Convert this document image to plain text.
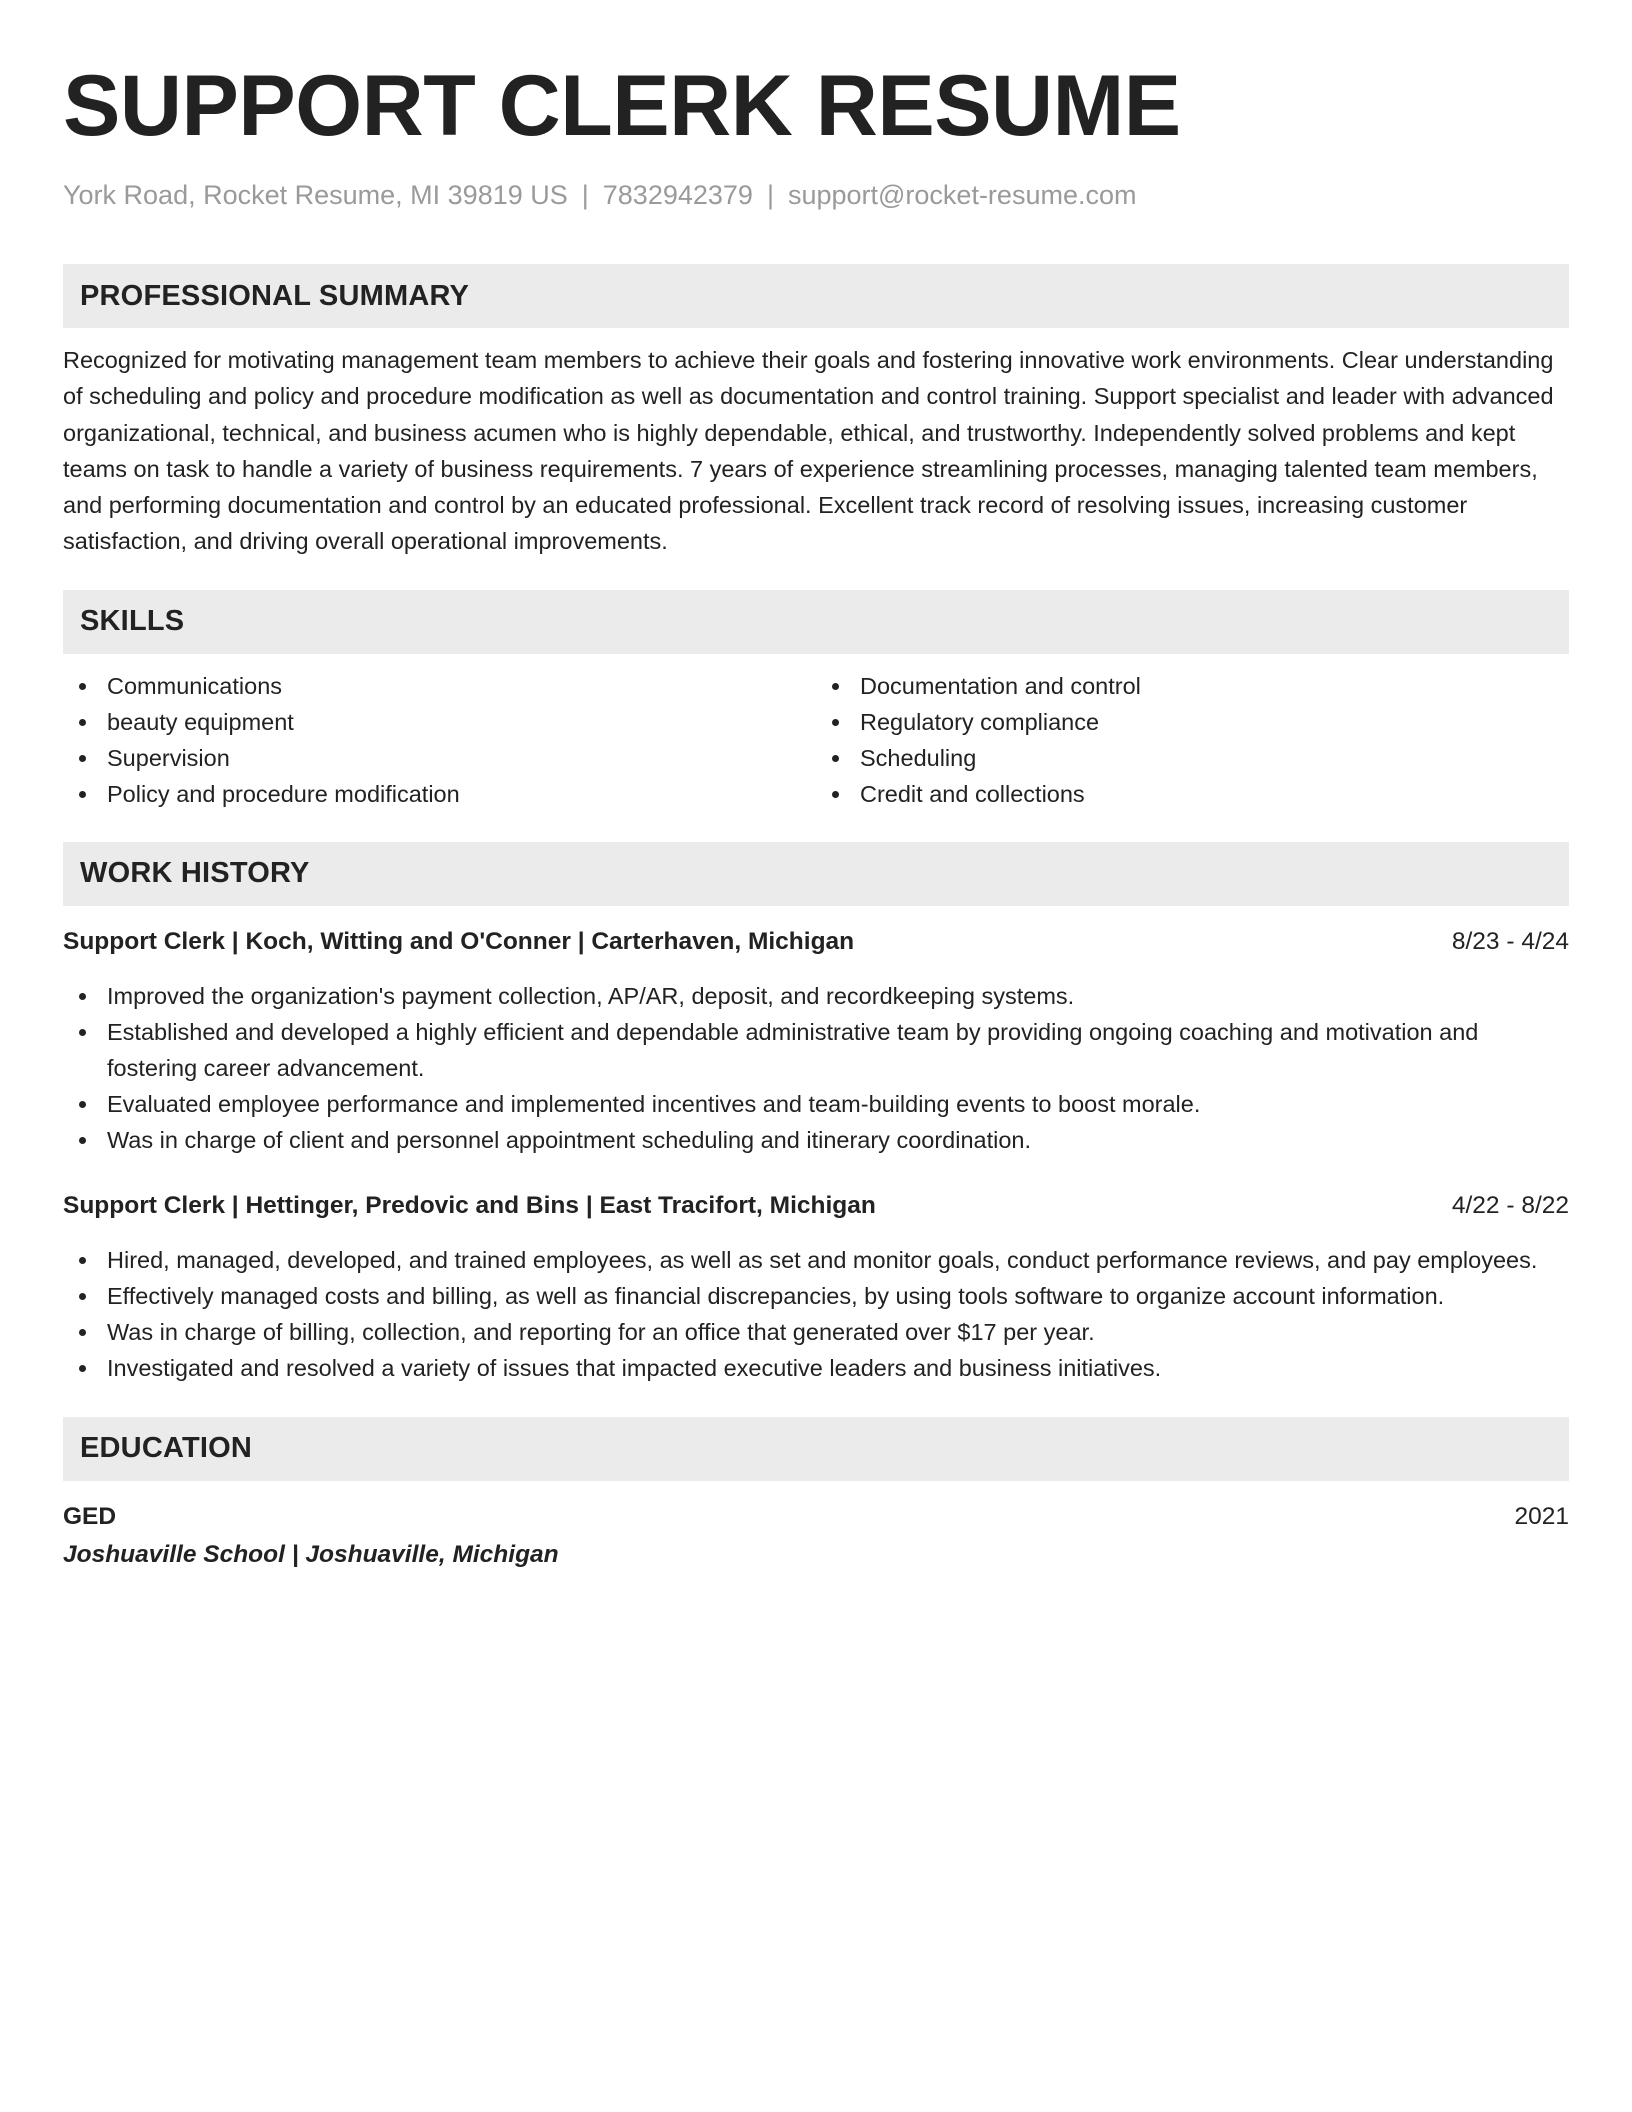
SUPPORT CLERK RESUME
York Road, Rocket Resume, MI 39819 US | 7832942379 | support@rocket-resume.com
PROFESSIONAL SUMMARY

Recognized for motivating management team members to achieve their goals and fostering innovative work environments. Clear understanding of scheduling and policy and procedure modification as well as documentation and control training. Support specialist and leader with advanced organizational, technical, and business acumen who is highly dependable, ethical, and trustworthy. Independently solved problems and kept teams on task to handle a variety of business requirements. 7 years of experience streamlining processes, managing talented team members, and performing documentation and control by an educated professional. Excellent track record of resolving issues, increasing customer satisfaction, and driving overall operational improvements.

SKILLS
Communications
beauty equipment
Supervision
Policy and procedure modification
Documentation and control
Regulatory compliance
Scheduling
Credit and collections
WORK HISTORY
Support Clerk | Koch, Witting and O'Conner | Carterhaven, Michigan	8/23 - 4/24
Improved the organization's payment collection, AP/AR, deposit, and recordkeeping systems.
Established and developed a highly efficient and dependable administrative team by providing ongoing coaching and motivation and fostering career advancement.
Evaluated employee performance and implemented incentives and team-building events to boost morale.
Was in charge of client and personnel appointment scheduling and itinerary coordination.
Support Clerk | Hettinger, Predovic and Bins | East Tracifort, Michigan	4/22 - 8/22
Hired, managed, developed, and trained employees, as well as set and monitor goals, conduct performance reviews, and pay employees.
Effectively managed costs and billing, as well as financial discrepancies, by using tools software to organize account information.
Was in charge of billing, collection, and reporting for an office that generated over $17 per year.
Investigated and resolved a variety of issues that impacted executive leaders and business initiatives.
EDUCATION
GED	2021
Joshuaville School | Joshuaville, Michigan
